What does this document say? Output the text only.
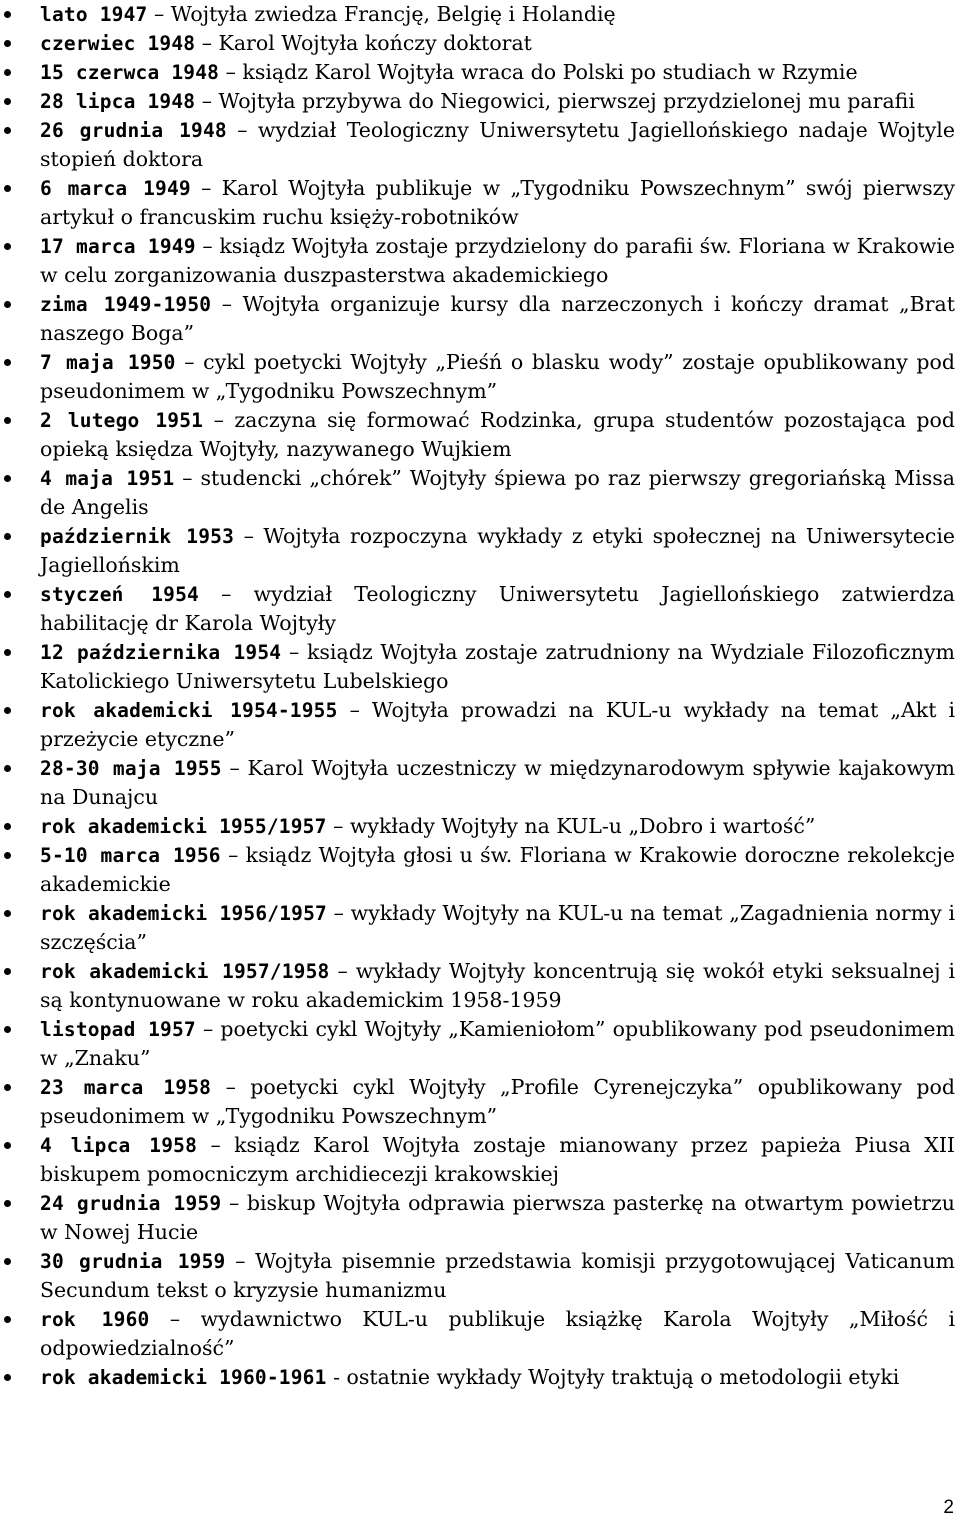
lato 1947 – Wojtyła zwiedza Francję, Belgię i Holandię
czerwiec 1948 – Karol Wojtyła kończy doktorat
15 czerwca 1948 – ksiądz Karol Wojtyła wraca do Polski po studiach w Rzymie
28 lipca 1948 – Wojtyła przybywa do Niegowici, pierwszej przydzielonej mu parafii
26 grudnia 1948 – wydział Teologiczny Uniwersytetu Jagiellońskiego nadaje Wojtyle stopień doktora
6 marca 1949 – Karol Wojtyła publikuje w „Tygodniku Powszechnym” swój pierwszy artykuł o francuskim ruchu księży-robotników
17 marca 1949 – ksiądz Wojtyła zostaje przydzielony do parafii św. Floriana w Krakowie w celu zorganizowania duszpasterstwa akademickiego
zima 1949-1950 – Wojtyła organizuje kursy dla narzeczonych i kończy dramat „Brat naszego Boga”
7 maja 1950 – cykl poetycki Wojtyły „Pieśń o blasku wody” zostaje opublikowany pod pseudonimem w „Tygodniku Powszechnym”
2 lutego 1951 – zaczyna się formować Rodzinka, grupa studentów pozostająca pod opieką księdza Wojtyły, nazywanego Wujkiem
4 maja 1951 – studencki „chórek” Wojtyły śpiewa po raz pierwszy gregoriańską Missa de Angelis
październik 1953 – Wojtyła rozpoczyna wykłady z etyki społecznej na Uniwersytecie Jagiellońskim
styczeń 1954 – wydział Teologiczny Uniwersytetu Jagiellońskiego zatwierdza habilitację dr Karola Wojtyły
12 października 1954 – ksiądz Wojtyła zostaje zatrudniony na Wydziale Filozoficznym Katolickiego Uniwersytetu Lubelskiego
rok akademicki 1954-1955 – Wojtyła prowadzi na KUL-u wykłady na temat „Akt i przeżycie etyczne”
28-30 maja 1955 – Karol Wojtyła uczestniczy w międzynarodowym spływie kajakowym na Dunajcu
rok akademicki 1955/1957 – wykłady Wojtyły na KUL-u „Dobro i wartość”
5-10 marca 1956 – ksiądz Wojtyła głosi u św. Floriana w Krakowie doroczne rekolekcje akademickie
rok akademicki 1956/1957 – wykłady Wojtyły na KUL-u na temat „Zagadnienia normy i szczęścia”
rok akademicki 1957/1958 – wykłady Wojtyły koncentrują się wokół etyki seksualnej i są kontynuowane w roku akademickim 1958-1959
listopad 1957 – poetycki cykl Wojtyły „Kamieniołom” opublikowany pod pseudonimem w „Znaku”
23 marca 1958 – poetycki cykl Wojtyły „Profile Cyrenejczyka” opublikowany pod pseudonimem w „Tygodniku Powszechnym”
4 lipca 1958 – ksiądz Karol Wojtyła zostaje mianowany przez papieża Piusa XII biskupem pomocniczym archidiecezji krakowskiej
24 grudnia 1959 – biskup Wojtyła odprawia pierwsza pasterkę na otwartym powietrzu w Nowej Hucie
30 grudnia 1959 – Wojtyła pisemnie przedstawia komisji przygotowującej Vaticanum Secundum tekst o kryzysie humanizmu
rok 1960 – wydawnictwo KUL-u publikuje książkę Karola Wojtyły „Miłość i odpowiedzialność”
rok akademicki 1960-1961 - ostatnie wykłady Wojtyły traktują o metodologii etyki
2
